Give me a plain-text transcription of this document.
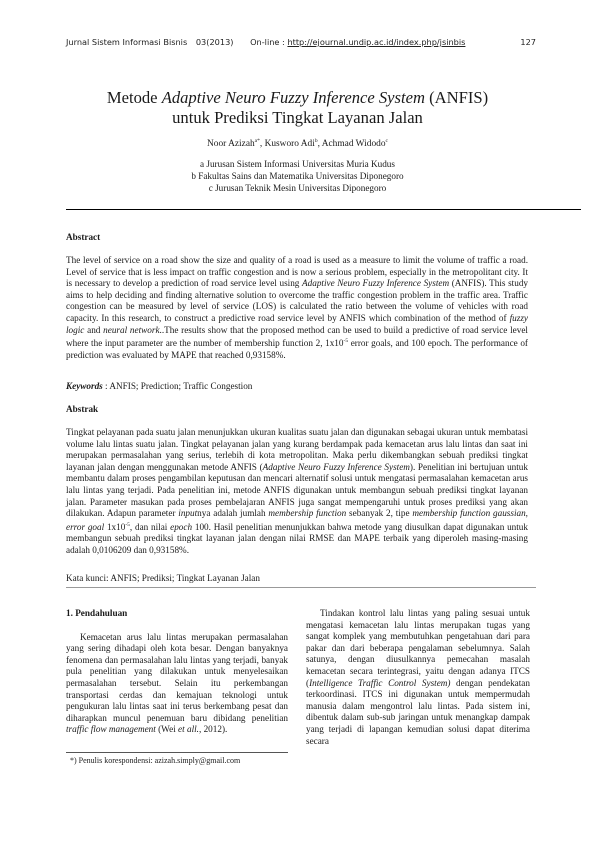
Jurnal Sistem Informasi Bisnis 03(2013) On-line : http://ejournal.undip.ac.id/index.php/jsinbis	127
Metode Adaptive Neuro Fuzzy Inference System (ANFIS)
untuk Prediksi Tingkat Layanan Jalan
Noor Azizah$^{a*}$, Kusworo Adi$^b$, Achmad Widodo$^c$
a Jurusan Sistem Informasi Universitas Muria Kudus
b Fakultas Sains dan Matematika Universitas Diponegoro
c Jurusan Teknik Mesin Universitas Diponegoro
Abstract
The level of service on a road show the size and quality of a road is used as a measure to limit the volume of traffic a road. Level of service that is less impact on traffic congestion and is now a serious problem, especially in the metropolitant city. It is necessary to develop a prediction of road service level using Adaptive Neuro Fuzzy Inference System (ANFIS). This study aims to help deciding and finding alternative solution to overcome the traffic congestion problem in the traffic area. Traffic congestion can be measured by level of service (LOS) is calculated the ratio between the volume of vehicles with road capacity. In this research, to construct a predictive road service level by ANFIS which combination of the method of fuzzy logic and neural network..The results show that the proposed method can be used to build a predictive of road service level where the input parameter are the number of membership function 2, $1x10^{-5}$ error goals, and 100 epoch. The performance of prediction was evaluated by MAPE that reached 0,93158%.
Keywords : ANFIS; Prediction; Traffic Congestion
Abstrak
Tingkat pelayanan pada suatu jalan menunjukkan ukuran kualitas suatu jalan dan digunakan sebagai ukuran untuk membatasi volume lalu lintas suatu jalan. Tingkat pelayanan jalan yang kurang berdampak pada kemacetan arus lalu lintas dan saat ini merupakan permasalahan yang serius, terlebih di kota metropolitan. Maka perlu dikembangkan sebuah prediksi tingkat layanan jalan dengan menggunakan metode ANFIS (Adaptive Neuro Fuzzy Inference System). Penelitian ini bertujuan untuk membantu dalam proses pengambilan keputusan dan mencari alternatif solusi untuk mengatasi permasalahan kemacetan arus lalu lintas yang terjadi. Pada penelitian ini, metode ANFIS digunakan untuk membangun sebuah prediksi tingkat layanan jalan. Parameter masukan pada proses pembelajaran ANFIS juga sangat mempengaruhi untuk proses prediksi yang akan dilakukan. Adapun parameter inputnya adalah jumlah membership function sebanyak 2, tipe membership function gaussian, error goal $1x10^{-5}$, dan nilai epoch 100. Hasil penelitian menunjukkan bahwa metode yang diusulkan dapat digunakan untuk membangun sebuah prediksi tingkat layanan jalan dengan nilai RMSE dan MAPE terbaik yang diperoleh masing-masing adalah 0,0106209 dan 0,93158%.
Kata kunci: ANFIS; Prediksi; Tingkat Layanan Jalan
1. Pendahuluan
Kemacetan arus lalu lintas merupakan permasalahan yang sering dihadapi oleh kota besar. Dengan banyaknya fenomena dan permasalahan lalu lintas yang terjadi, banyak pula penelitian yang dilakukan untuk menyelesaikan permasalahan tersebut. Selain itu perkembangan transportasi cerdas dan kemajuan teknologi untuk pengukuran lalu lintas saat ini terus berkembang pesat dan diharapkan muncul penemuan baru dibidang penelitian traffic flow management (Wei et all., 2012).
Tindakan kontrol lalu lintas yang paling sesuai untuk mengatasi kemacetan lalu lintas merupakan tugas yang sangat komplek yang membutuhkan pengetahuan dari para pakar dan dari beberapa pengalaman sebelumnya. Salah satunya, dengan diusulkannya pemecahan masalah kemacetan secara terintegrasi, yaitu dengan adanya ITCS (Intelligence Traffic Control System) dengan pendekatan terkoordinasi. ITCS ini digunakan untuk mempermudah manusia dalam mengontrol lalu lintas. Pada sistem ini, dibentuk dalam sub-sub jaringan untuk menangkap dampak yang terjadi di lapangan kemudian solusi dapat diterima secara
*) Penulis korespondensi: azizah.simply@gmail.com
